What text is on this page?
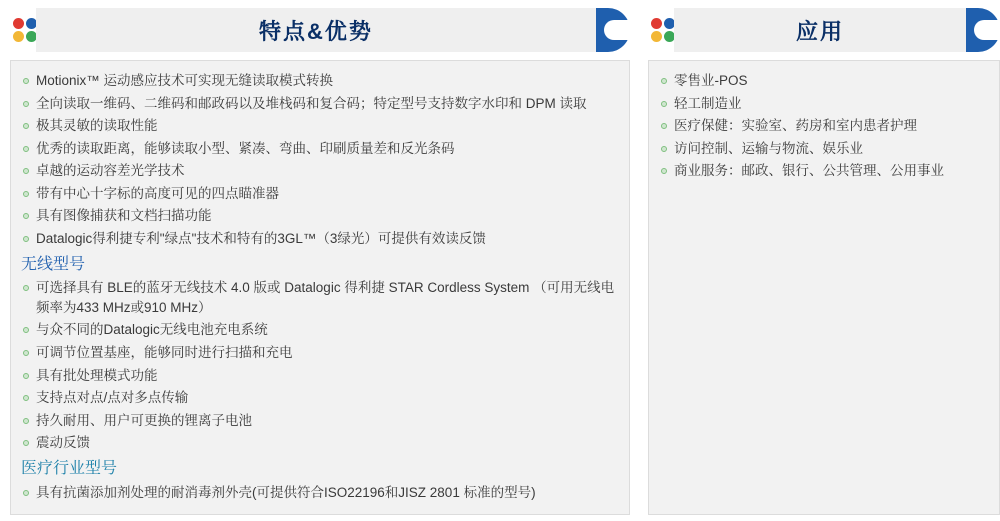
特点&优势
Motionix™ 运动感应技术可实现无缝读取模式转换
全向读取一维码、二维码和邮政码以及堆栈码和复合码；特定型号支持数字水印和 DPM 读取
极其灵敏的读取性能
优秀的读取距离，能够读取小型、紧凑、弯曲、印刷质量差和反光条码
卓越的运动容差光学技术
带有中心十字标的高度可见的四点瞄准器
具有图像捕获和文档扫描功能
Datalogic得利捷专利"绿点"技术和特有的3GL™（3绿光）可提供有效读反馈
无线型号
可选择具有 BLE的蓝牙无线技术 4.0 版或 Datalogic 得利捷 STAR Cordless System （可用无线电频率为433 MHz或910 MHz）
与众不同的Datalogic无线电池充电系统
可调节位置基座，能够同时进行扫描和充电
具有批处理模式功能
支持点对点/点对多点传输
持久耐用、用户可更换的锂离子电池
震动反馈
医疗行业型号
具有抗菌添加剂处理的耐消毒剂外壳(可提供符合ISO22196和JISZ 2801 标准的型号)
应用
零售业-POS
轻工制造业
医疗保健：实验室、药房和室内患者护理
访问控制、运输与物流、娱乐业
商业服务：邮政、银行、公共管理、公用事业
